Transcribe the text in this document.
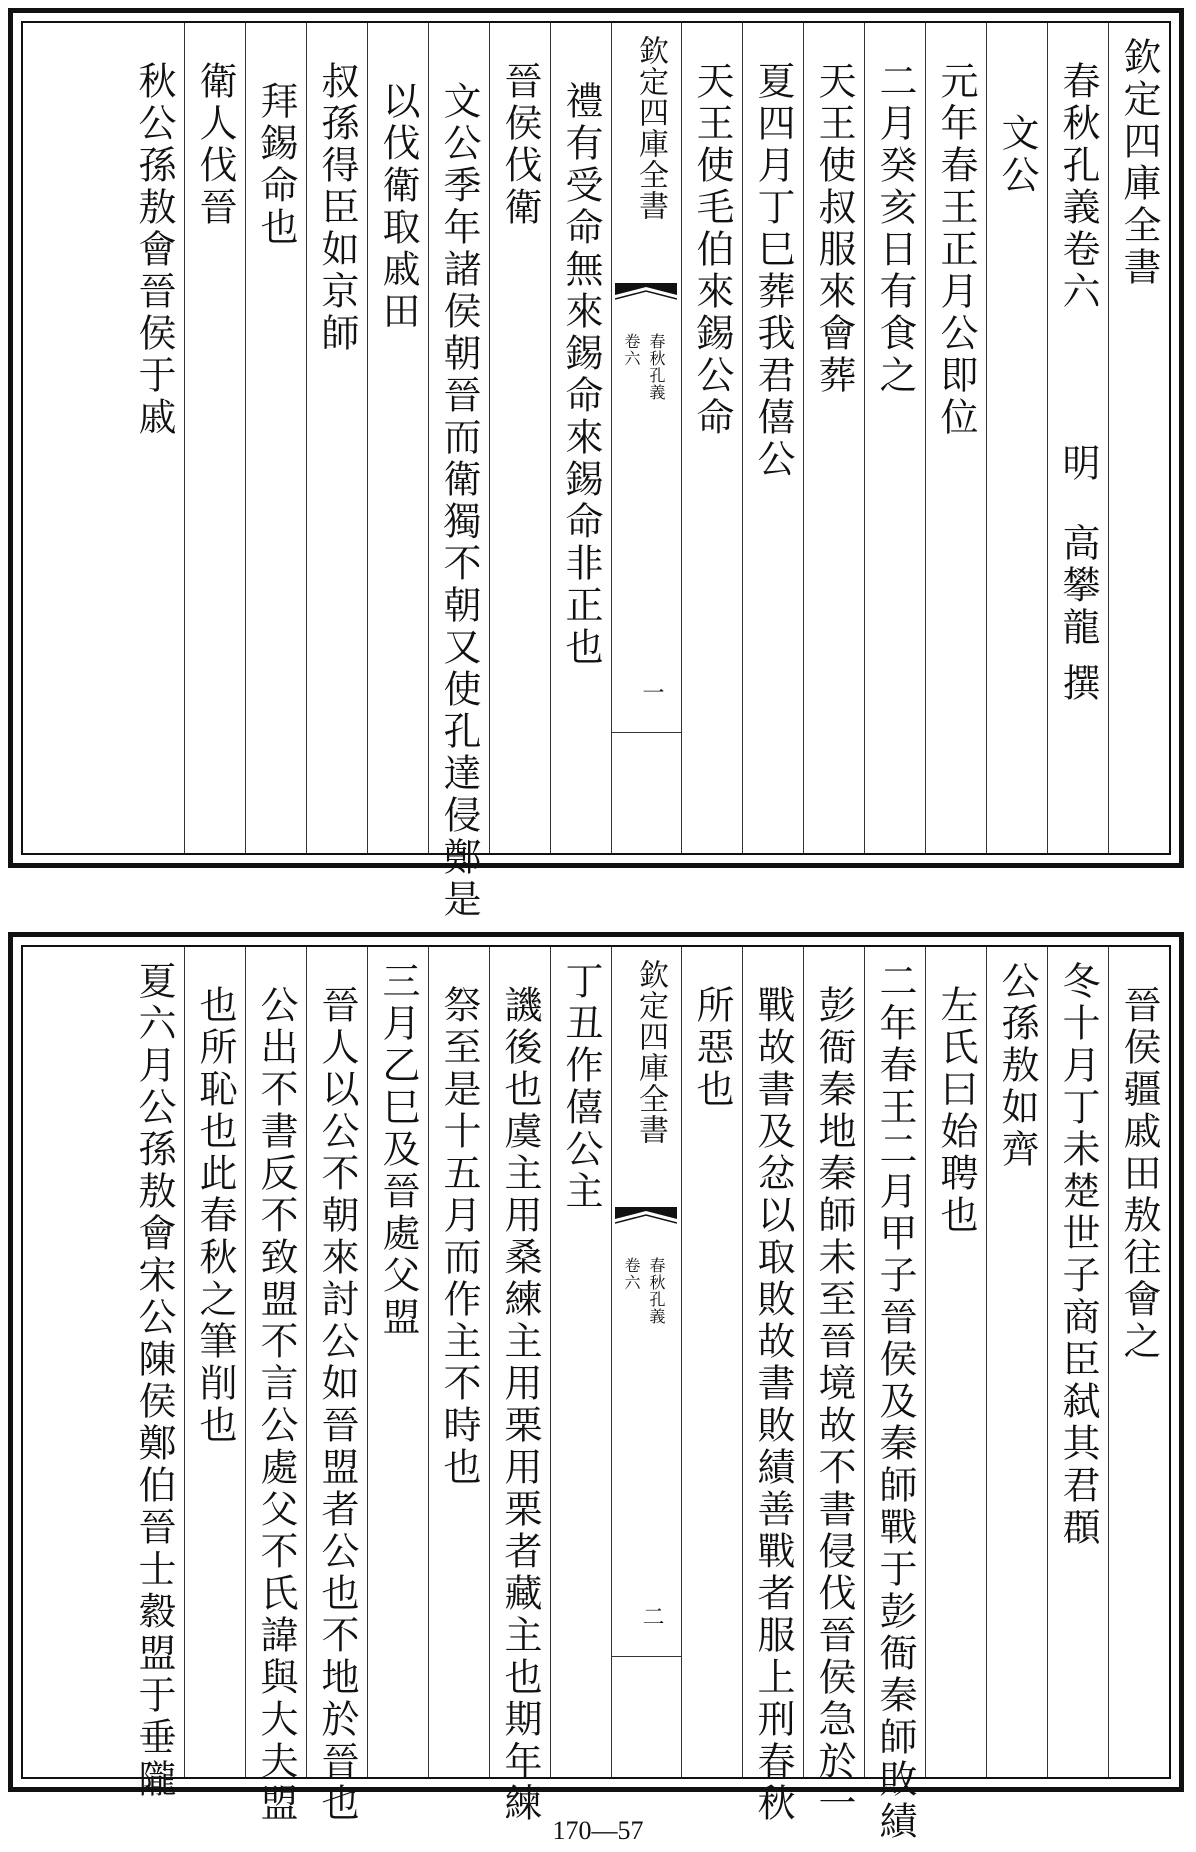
欽定四庫全書
春秋孔義卷六
明
高攀龍
撰
文公
元年春王正月公即位
二月癸亥日有食之
天王使叔服來會葬
夏四月丁巳葬我君僖公
天王使毛伯來錫公命
欽定四庫全書
春秋孔義
卷六
一
禮有受命無來錫命來錫命非正也
晉侯伐衛
文公季年諸侯朝晉而衛獨不朝又使孔達侵鄭是
以伐衛取戚田
叔孫得臣如京師
拜錫命也
衛人伐晉
秋公孫敖會晉侯于戚
晉侯疆戚田敖往會之
冬十月丁未楚世子商臣弑其君頵
公孫敖如齊
左氏曰始聘也
二年春王二月甲子晉侯及秦師戰于彭衙秦師敗績
彭衙秦地秦師未至晉境故不書侵伐晉侯急於一
戰故書及忿以取敗故書敗績善戰者服上刑春秋
所惡也
欽定四庫全書
春秋孔義
卷六
二
丁丑作僖公主
譏後也虞主用桑練主用栗用栗者藏主也期年練
祭至是十五月而作主不時也
三月乙巳及晉處父盟
晉人以公不朝來討公如晉盟者公也不地於晉也
公出不書反不致盟不言公處父不氏諱與大夫盟
也所恥也此春秋之筆削也
夏六月公孫敖會宋公陳侯鄭伯晉士縠盟于垂隴
170—57
